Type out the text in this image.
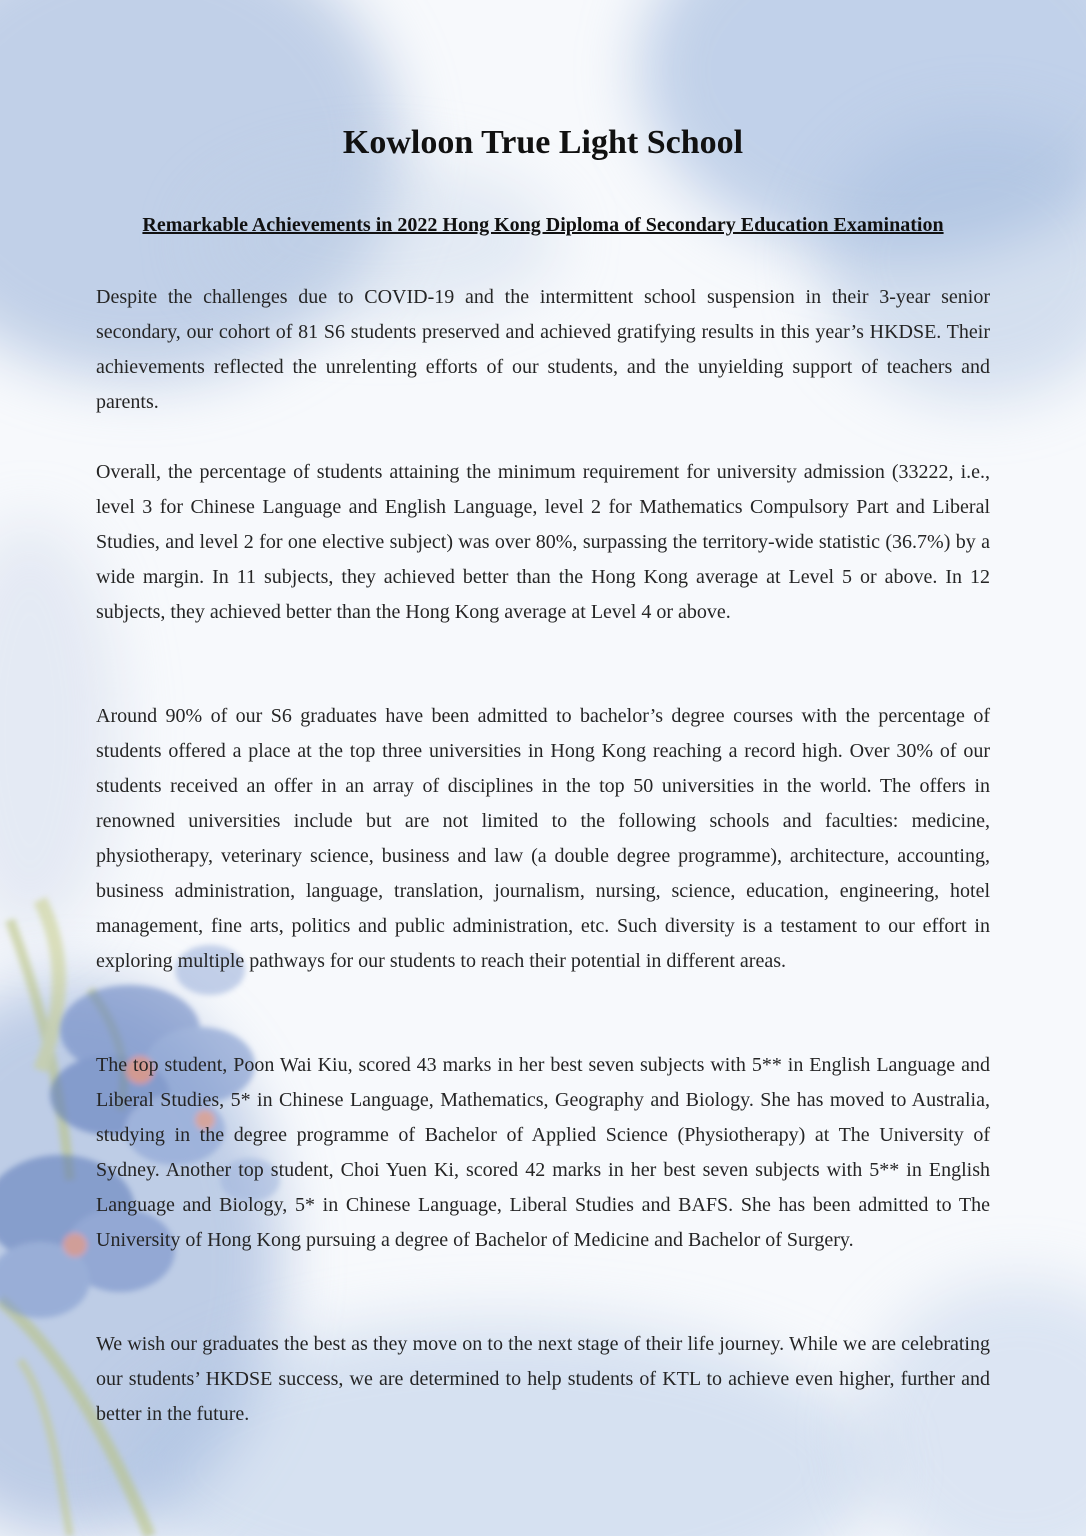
Kowloon True Light School
Remarkable Achievements in 2022 Hong Kong Diploma of Secondary Education Examination

Despite the challenges due to COVID-19 and the intermittent school suspension in their 3-year senior secondary, our cohort of 81 S6 students preserved and achieved gratifying results in this year’s HKDSE. Their achievements reflected the unrelenting efforts of our students, and the unyielding support of teachers and parents.

Overall, the percentage of students attaining the minimum requirement for university admission (33222, i.e., level 3 for Chinese Language and English Language, level 2 for Mathematics Compulsory Part and Liberal Studies, and level 2 for one elective subject) was over 80%, surpassing the territory-wide statistic (36.7%) by a wide margin. In 11 subjects, they achieved better than the Hong Kong average at Level 5 or above. In 12 subjects, they achieved better than the Hong Kong average at Level 4 or above.

Around 90% of our S6 graduates have been admitted to bachelor’s degree courses with the percentage of students offered a place at the top three universities in Hong Kong reaching a record high. Over 30% of our students received an offer in an array of disciplines in the top 50 universities in the world. The offers in renowned universities include but are not limited to the following schools and faculties: medicine, physiotherapy, veterinary science, business and law (a double degree programme), architecture, accounting, business administration, language, translation, journalism, nursing, science, education, engineering, hotel management, fine arts, politics and public administration, etc. Such diversity is a testament to our effort in exploring multiple pathways for our students to reach their potential in different areas.

The top student, Poon Wai Kiu, scored 43 marks in her best seven subjects with 5** in English Language and Liberal Studies, 5* in Chinese Language, Mathematics, Geography and Biology. She has moved to Australia, studying in the degree programme of Bachelor of Applied Science (Physiotherapy) at The University of Sydney. Another top student, Choi Yuen Ki, scored 42 marks in her best seven subjects with 5** in English Language and Biology, 5* in Chinese Language, Liberal Studies and BAFS. She has been admitted to The University of Hong Kong pursuing a degree of Bachelor of Medicine and Bachelor of Surgery.

We wish our graduates the best as they move on to the next stage of their life journey. While we are celebrating our students’ HKDSE success, we are determined to help students of KTL to achieve even higher, further and better in the future.
